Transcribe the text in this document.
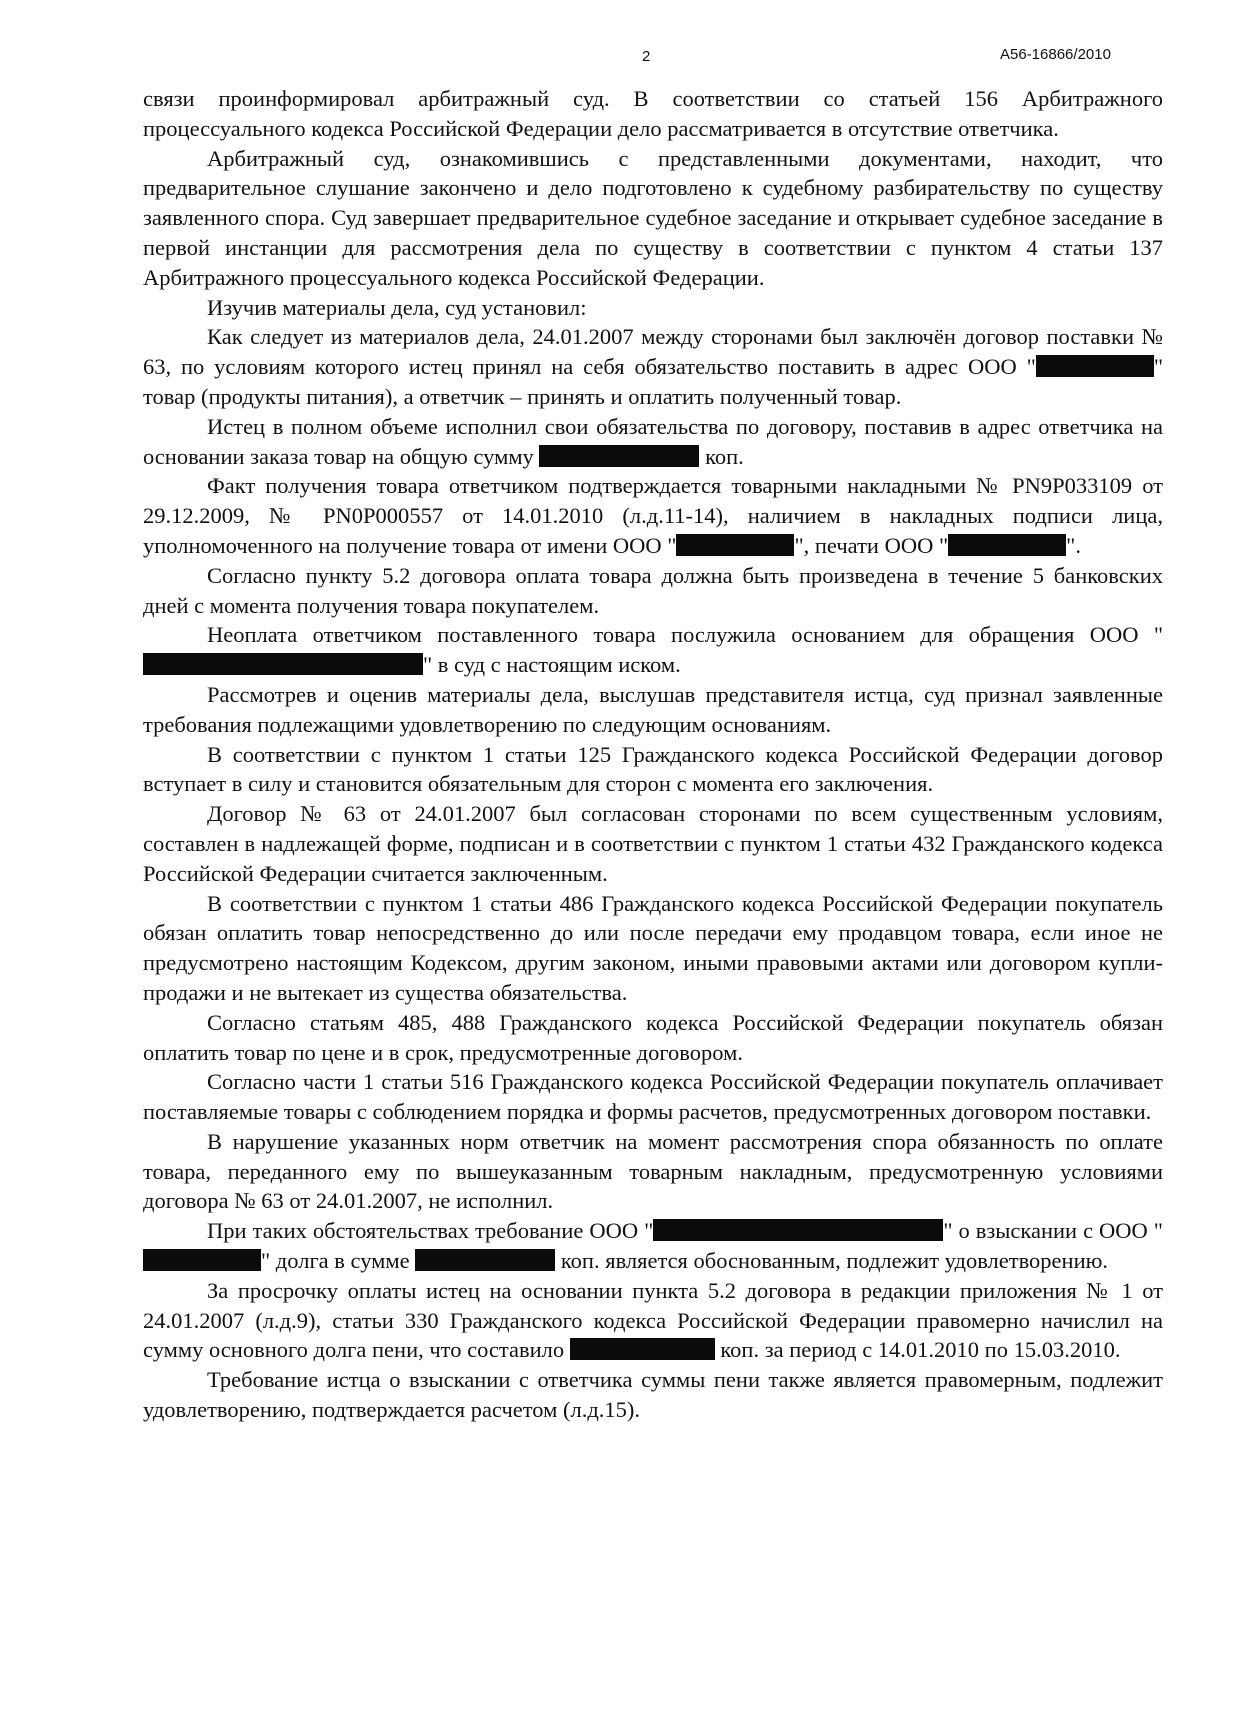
2	А56-16866/2010

связи проинформировал арбитражный суд. В соответствии со статьей 156 Арбитражного процессуального кодекса Российской Федерации дело рассматривается в отсутствие ответчика.

Арбитражный суд, ознакомившись с представленными документами, находит, что предварительное слушание закончено и дело подготовлено к судебному разбирательству по существу заявленного спора. Суд завершает предварительное судебное заседание и открывает судебное заседание в первой инстанции для рассмотрения дела по существу в соответствии с пунктом 4 статьи 137 Арбитражного процессуального кодекса Российской Федерации.

Изучив материалы дела, суд установил:

Как следует из материалов дела, 24.01.2007 между сторонами был заключён договор поставки № 63, по условиям которого истец принял на себя обязательство поставить в адрес ООО "	" товар (продукты питания), а ответчик – принять и оплатить полученный товар.

Истец в полном объеме исполнил свои обязательства по договору, поставив в адрес ответчика на основании заказа товар на общую сумму	коп.

Факт получения товара ответчиком подтверждается товарными накладными № PN9P033109 от 29.12.2009, № PN0P000557 от 14.01.2010 (л.д.11-14), наличием в накладных подписи лица, уполномоченного на получение товара от имени ООО "	", печати ООО "	".

Согласно пункту 5.2 договора оплата товара должна быть произведена в течение 5 банковских дней с момента получения товара покупателем.

Неоплата ответчиком поставленного товара послужила основанием для обращения ООО "" в суд с настоящим иском.

Рассмотрев и оценив материалы дела, выслушав представителя истца, суд признал заявленные требования подлежащими удовлетворению по следующим основаниям.

В соответствии с пунктом 1 статьи 125 Гражданского кодекса Российской Федерации договор вступает в силу и становится обязательным для сторон с момента его заключения.

Договор № 63 от 24.01.2007 был согласован сторонами по всем существенным условиям, составлен в надлежащей форме, подписан и в соответствии с пунктом 1 статьи 432 Гражданского кодекса Российской Федерации считается заключенным.

В соответствии с пунктом 1 статьи 486 Гражданского кодекса Российской Федерации покупатель обязан оплатить товар непосредственно до или после передачи ему продавцом товара, если иное не предусмотрено настоящим Кодексом, другим законом, иными правовыми актами или договором купли-продажи и не вытекает из существа обязательства.

Согласно статьям 485, 488 Гражданского кодекса Российской Федерации покупатель обязан оплатить товар по цене и в срок, предусмотренные договором.

Согласно части 1 статьи 516 Гражданского кодекса Российской Федерации покупатель оплачивает поставляемые товары с соблюдением порядка и формы расчетов, предусмотренных договором поставки.

В нарушение указанных норм ответчик на момент рассмотрения спора обязанность по оплате товара, переданного ему по вышеуказанным товарным накладным, предусмотренную условиями договора № 63 от 24.01.2007, не исполнил.

При таких обстоятельствах требование ООО "	" о взыскании с ООО "" долга в сумме	коп. является обоснованным, подлежит удовлетворению.

За просрочку оплаты истец на основании пункта 5.2 договора в редакции приложения № 1 от 24.01.2007 (л.д.9), статьи 330 Гражданского кодекса Российской Федерации правомерно начислил на сумму основного долга пени, что составило	коп. за период с 14.01.2010 по 15.03.2010.

Требование истца о взыскании с ответчика суммы пени также является правомерным, подлежит удовлетворению, подтверждается расчетом (л.д.15).
